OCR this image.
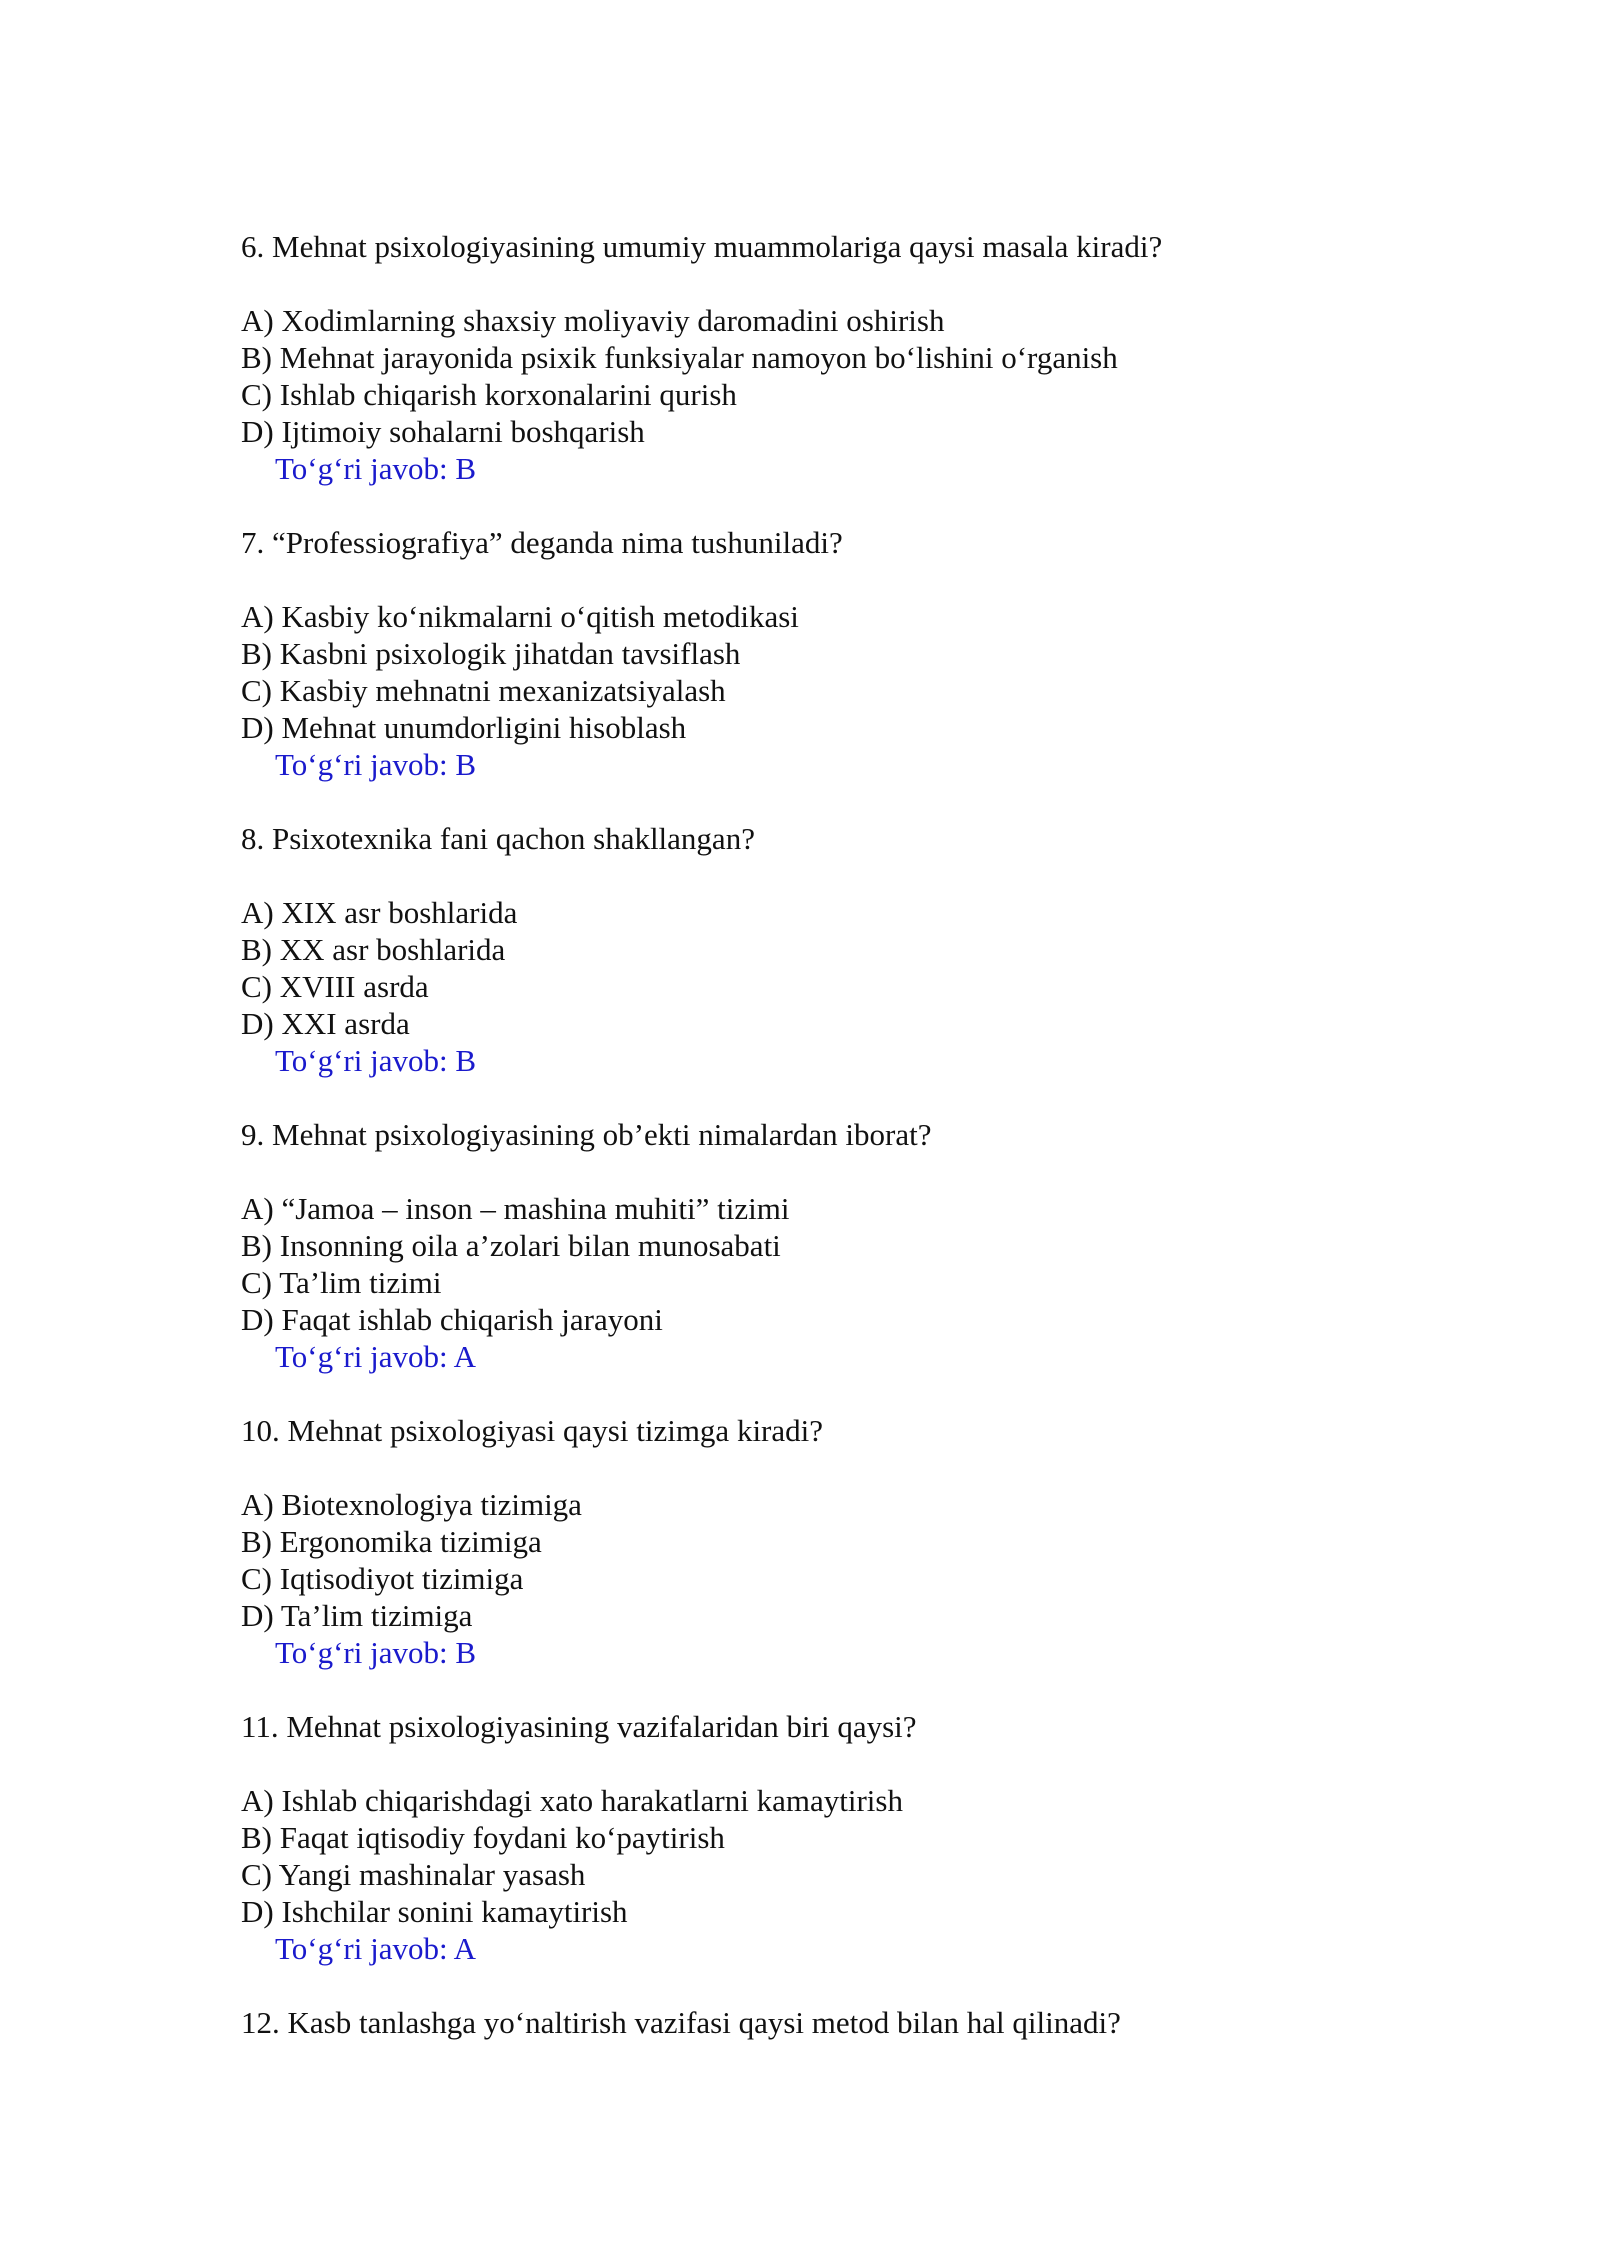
6. Mehnat psixologiyasining umumiy muammolariga qaysi masala kiradi?

A) Xodimlarning shaxsiy moliyaviy daromadini oshirish

B) Mehnat jarayonida psixik funksiyalar namoyon bo‘lishini o‘rganish

C) Ishlab chiqarish korxonalarini qurish

D) Ijtimoiy sohalarni boshqarish

To‘g‘ri javob: B

7. “Professiografiya” deganda nima tushuniladi?

A) Kasbiy ko‘nikmalarni o‘qitish metodikasi

B) Kasbni psixologik jihatdan tavsiflash

C) Kasbiy mehnatni mexanizatsiyalash

D) Mehnat unumdorligini hisoblash

To‘g‘ri javob: B

8. Psixotexnika fani qachon shakllangan?

A) XIX asr boshlarida

B) XX asr boshlarida

C) XVIII asrda

D) XXI asrda

To‘g‘ri javob: B

9. Mehnat psixologiyasining ob’ekti nimalardan iborat?

A) “Jamoa – inson – mashina muhiti” tizimi

B) Insonning oila a’zolari bilan munosabati

C) Ta’lim tizimi

D) Faqat ishlab chiqarish jarayoni

To‘g‘ri javob: A

10. Mehnat psixologiyasi qaysi tizimga kiradi?

A) Biotexnologiya tizimiga

B) Ergonomika tizimiga

C) Iqtisodiyot tizimiga

D) Ta’lim tizimiga

To‘g‘ri javob: B

11. Mehnat psixologiyasining vazifalaridan biri qaysi?

A) Ishlab chiqarishdagi xato harakatlarni kamaytirish

B) Faqat iqtisodiy foydani ko‘paytirish

C) Yangi mashinalar yasash

D) Ishchilar sonini kamaytirish

To‘g‘ri javob: A

12. Kasb tanlashga yo‘naltirish vazifasi qaysi metod bilan hal qilinadi?
